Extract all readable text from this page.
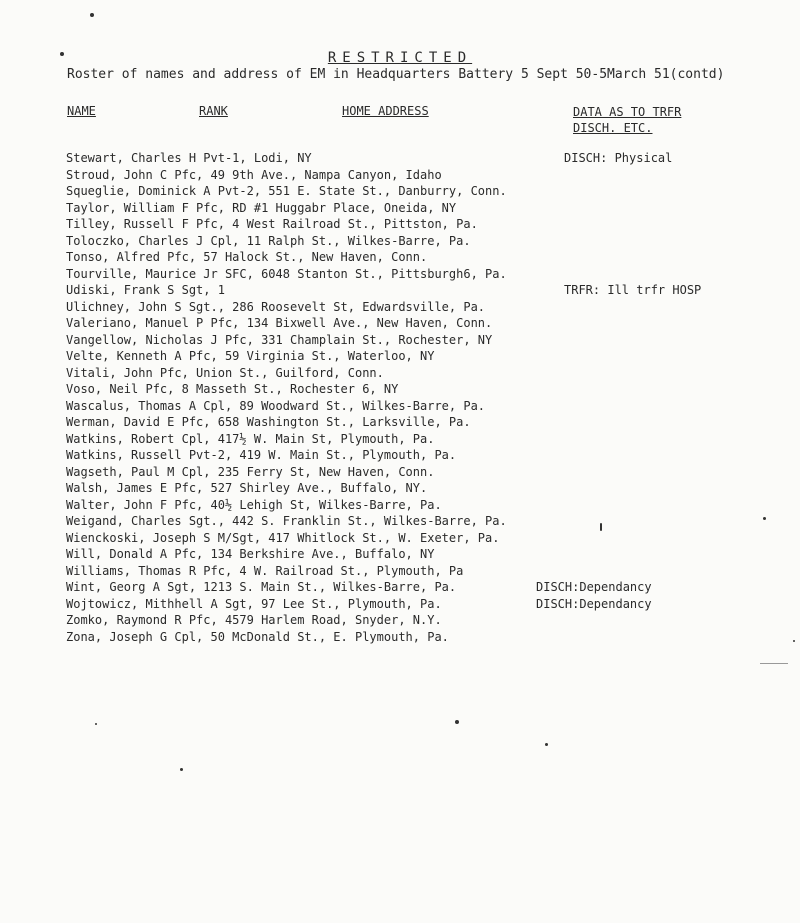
RESTRICTED
Roster of names and address of EM in Headquarters Battery 5 Sept 50-5March 51(contd)
NAME	RANK	HOME ADDRESS	DATA AS TO TRFR
DISCH. ETC.
Stewart, Charles H Pvt-1, Lodi, NY	DISCH: Physical
Stroud, John C Pfc, 49 9th Ave., Nampa Canyon, Idaho
Squeglie, Dominick A Pvt-2, 551 E. State St., Danburry, Conn.
Taylor, William F Pfc, RD #1 Huggabr Place, Oneida, NY
Tilley, Russell F Pfc, 4 West Railroad St., Pittston, Pa.
Toloczko, Charles J Cpl, 11 Ralph St., Wilkes-Barre, Pa.
Tonso, Alfred Pfc, 57 Halock St., New Haven, Conn.
Tourville, Maurice Jr SFC, 6048 Stanton St., Pittsburgh6, Pa.
Udiski, Frank S Sgt, 1	TRFR: Ill trfr HOSP
Ulichney, John S Sgt., 286 Roosevelt St, Edwardsville, Pa.
Valeriano, Manuel P Pfc, 134 Bixwell Ave., New Haven, Conn.
Vangellow, Nicholas J Pfc, 331 Champlain St., Rochester, NY
Velte, Kenneth A Pfc, 59 Virginia St., Waterloo, NY
Vitali, John Pfc, Union St., Guilford, Conn.
Voso, Neil Pfc, 8 Masseth St., Rochester 6, NY
Wascalus, Thomas A Cpl, 89 Woodward St., Wilkes-Barre, Pa.
Werman, David E Pfc, 658 Washington St., Larksville, Pa.
Watkins, Robert Cpl, 417½ W. Main St, Plymouth, Pa.
Watkins, Russell Pvt-2, 419 W. Main St., Plymouth, Pa.
Wagseth, Paul M Cpl, 235 Ferry St, New Haven, Conn.
Walsh, James E Pfc, 527 Shirley Ave., Buffalo, NY.
Walter, John F Pfc, 40½ Lehigh St, Wilkes-Barre, Pa.
Weigand, Charles Sgt., 442 S. Franklin St., Wilkes-Barre, Pa.
Wienckoski, Joseph S M/Sgt, 417 Whitlock St., W. Exeter, Pa.
Will, Donald A Pfc, 134 Berkshire Ave., Buffalo, NY
Williams, Thomas R Pfc, 4 W. Railroad St., Plymouth, Pa
Wint, Georg A Sgt, 1213 S. Main St., Wilkes-Barre, Pa.	DISCH:Dependancy
Wojtowicz, Mithhell A Sgt, 97 Lee St., Plymouth, Pa.	DISCH:Dependancy
Zomko, Raymond R Pfc, 4579 Harlem Road, Snyder, N.Y.
Zona, Joseph G Cpl, 50 McDonald St., E. Plymouth, Pa.
